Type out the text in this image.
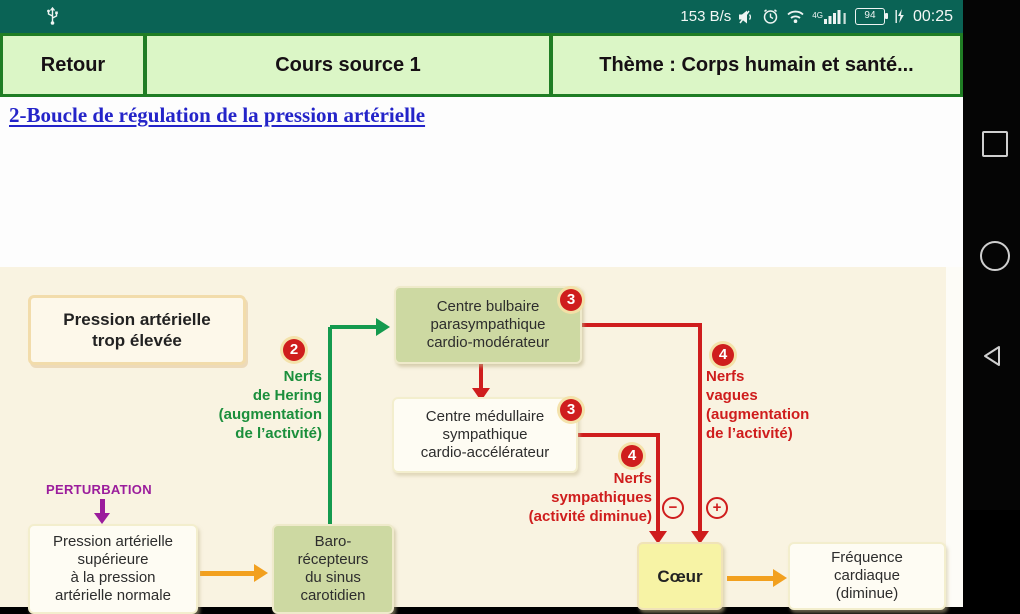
153 B/s	4G	94	00:25
Retour	Cours source 1	Thème : Corps humain et santé...
2-Boucle de régulation de la pression artérielle
PERTURBATION
Pression artérielle
trop élevée
Centre bulbaire
parasympathique
cardio-modérateur
3
Centre médullaire
sympathique
cardio-accélérateur
3
Pression artérielle
supérieure
à la pression
artérielle normale
Baro-
récepteurs
du sinus
carotidien
Cœur
Fréquence
cardiaque
(diminue)
2
Nerfs
de Hering
(augmentation
de l’activité)
4
Nerfs
vagues
(augmentation
de l’activité)
4
Nerfs
sympathiques
(activité diminue)
−	+
